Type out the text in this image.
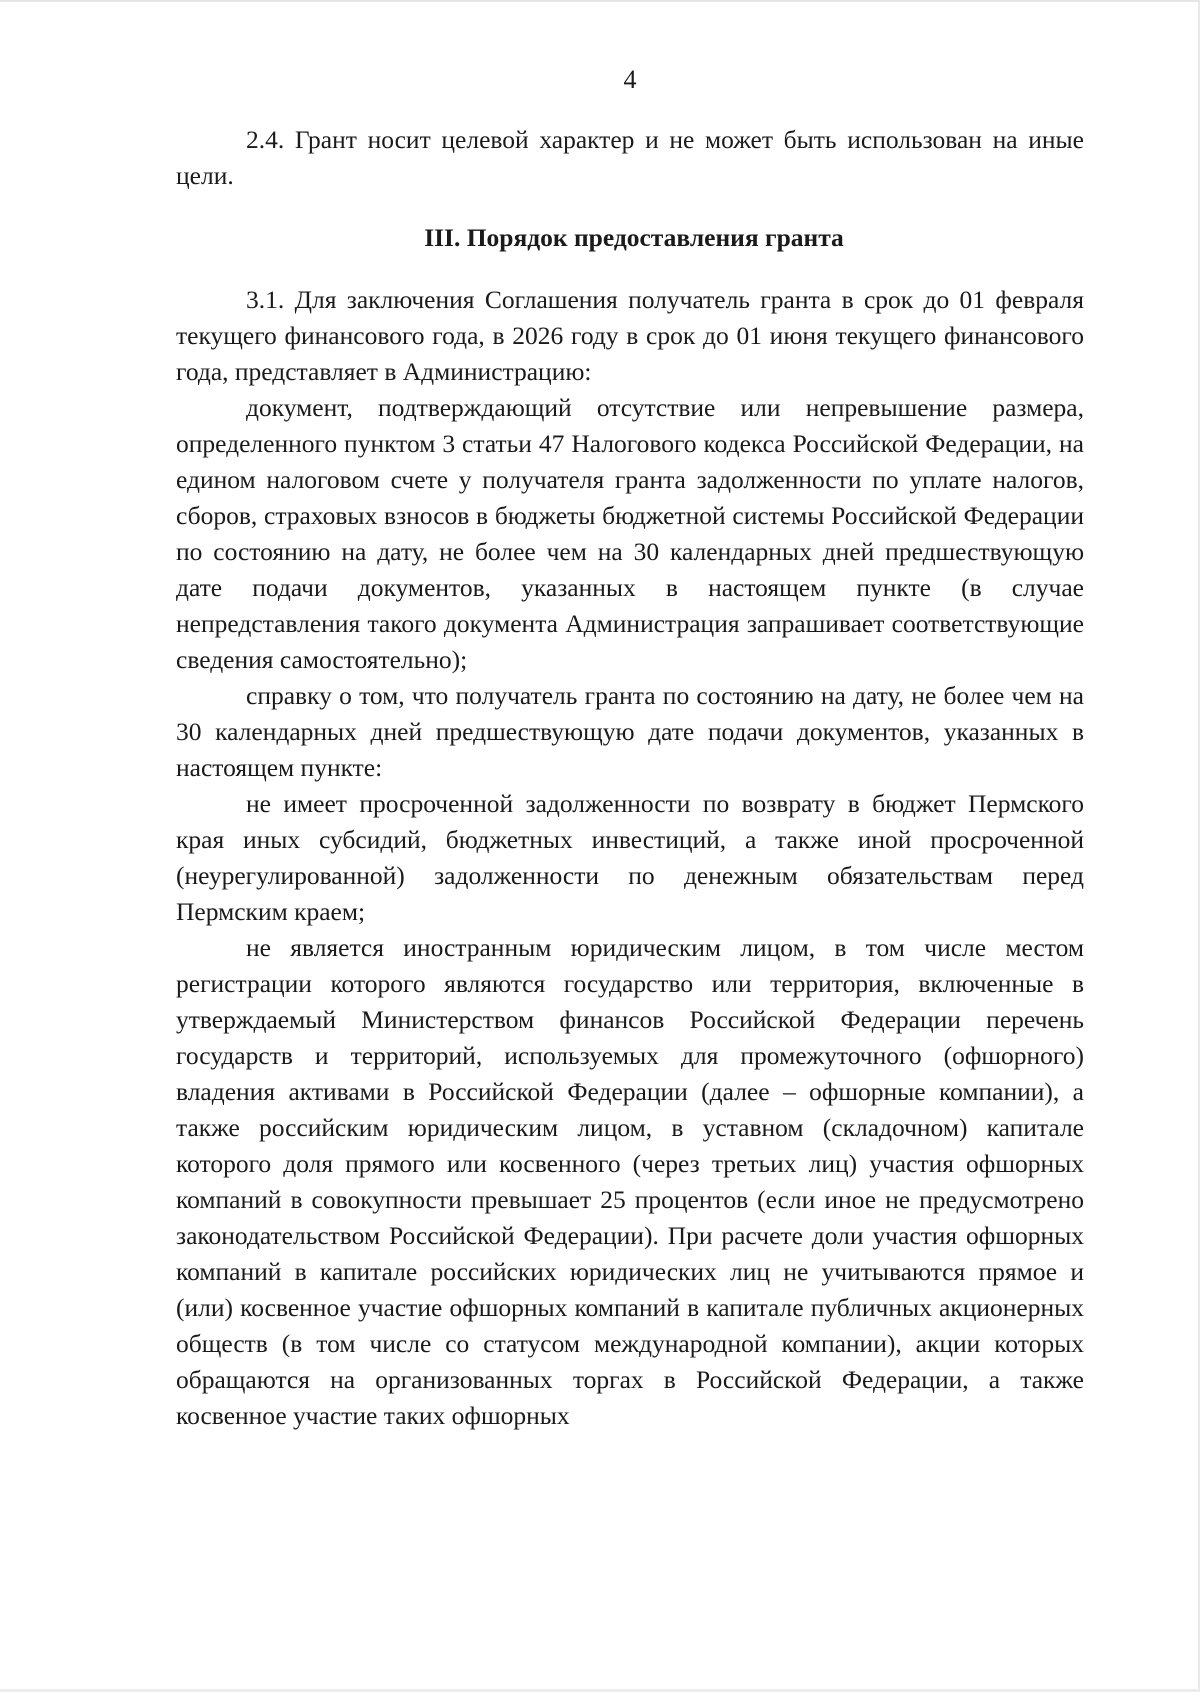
4

2.4. Грант носит целевой характер и не может быть использован на иные цели.

III. Порядок предоставления гранта

3.1. Для заключения Соглашения получатель гранта в срок до 01 февраля текущего финансового года, в 2026 году в срок до 01 июня текущего финансового года, представляет в Администрацию:

документ, подтверждающий отсутствие или непревышение размера, определенного пунктом 3 статьи 47 Налогового кодекса Российской Федерации, на едином налоговом счете у получателя гранта задолженности по уплате налогов, сборов, страховых взносов в бюджеты бюджетной системы Российской Федерации по состоянию на дату, не более чем на 30 календарных дней предшествующую дате подачи документов, указанных в настоящем пункте (в случае непредставления такого документа Администрация запрашивает соответствующие сведения самостоятельно);

справку о том, что получатель гранта по состоянию на дату, не более чем на 30 календарных дней предшествующую дате подачи документов, указанных в настоящем пункте:

не имеет просроченной задолженности по возврату в бюджет Пермского края иных субсидий, бюджетных инвестиций, а также иной просроченной (неурегулированной) задолженности по денежным обязательствам перед Пермским краем;

не является иностранным юридическим лицом, в том числе местом регистрации которого являются государство или территория, включенные в утверждаемый Министерством финансов Российской Федерации перечень государств и территорий, используемых для промежуточного (офшорного) владения активами в Российской Федерации (далее – офшорные компании), а также российским юридическим лицом, в уставном (складочном) капитале которого доля прямого или косвенного (через третьих лиц) участия офшорных компаний в совокупности превышает 25 процентов (если иное не предусмотрено законодательством Российской Федерации). При расчете доли участия офшорных компаний в капитале российских юридических лиц не учитываются прямое и (или) косвенное участие офшорных компаний в капитале публичных акционерных обществ (в том числе со статусом международной компании), акции которых обращаются на организованных торгах в Российской Федерации, а также косвенное участие таких офшорных
